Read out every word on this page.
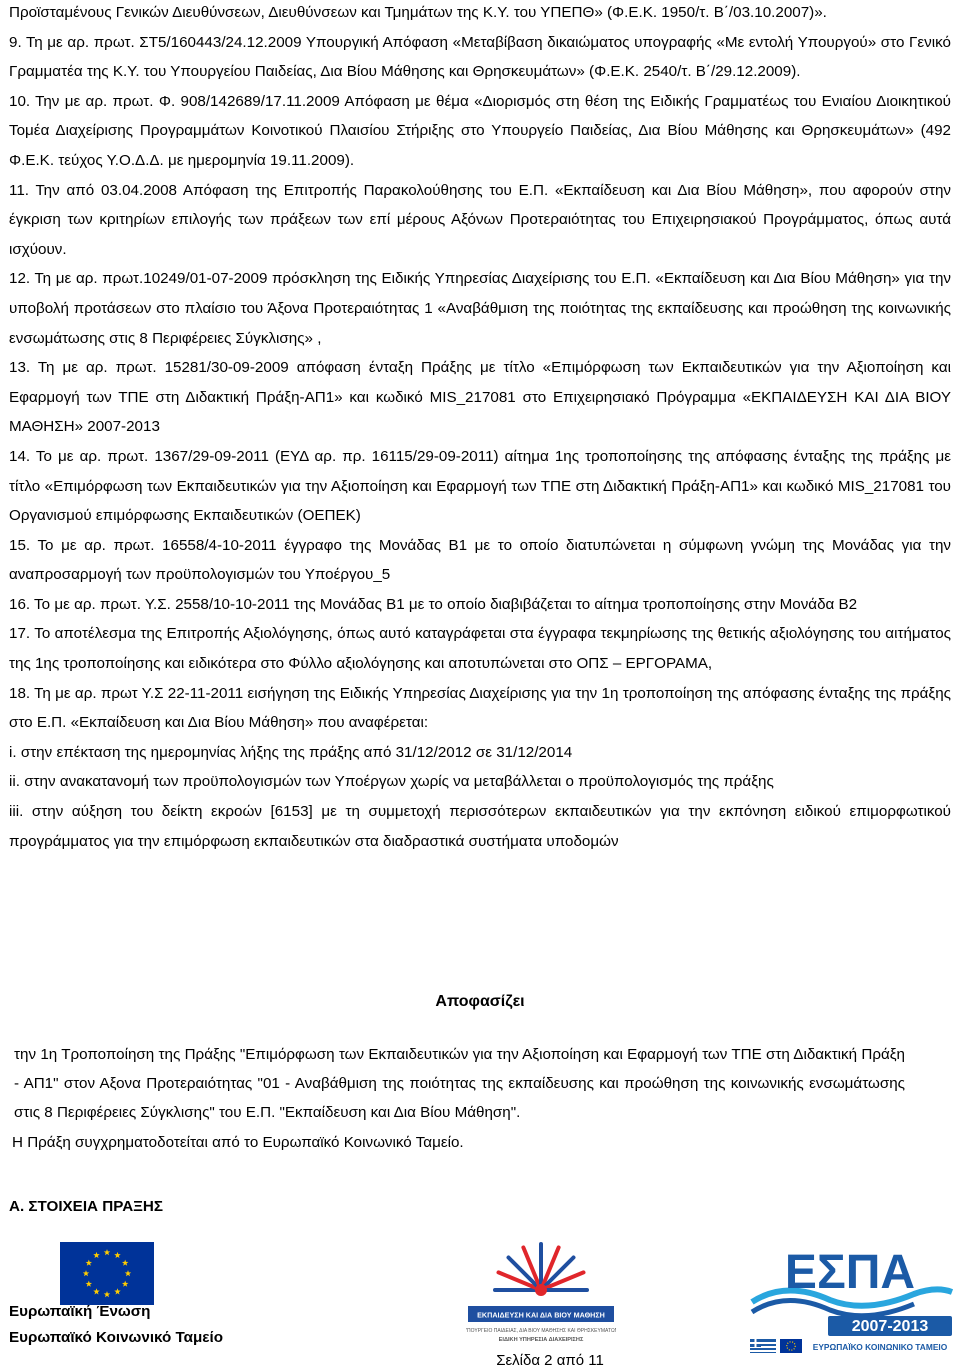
Προϊσταμένους Γενικών Διευθύνσεων, Διευθύνσεων και Τμημάτων της Κ.Υ. του ΥΠΕΠΘ» (Φ.Ε.Κ. 1950/τ. Β΄/03.10.2007)».

9. Τη με αρ. πρωτ. ΣΤ5/160443/24.12.2009 Υπουργική Απόφαση «Μεταβίβαση δικαιώματος υπογραφής «Με εντολή Υπουργού» στο Γενικό Γραμματέα της Κ.Υ. του Υπουργείου Παιδείας, Δια Βίου Μάθησης και Θρησκευμάτων» (Φ.Ε.Κ. 2540/τ. Β΄/29.12.2009).

10. Την με αρ. πρωτ. Φ. 908/142689/17.11.2009 Απόφαση με θέμα «Διορισμός στη θέση της Ειδικής Γραμματέως του Ενιαίου Διοικητικού Τομέα Διαχείρισης Προγραμμάτων Κοινοτικού Πλαισίου Στήριξης στο Υπουργείο Παιδείας, Δια Βίου Μάθησης και Θρησκευμάτων» (492 Φ.Ε.Κ. τεύχος Υ.Ο.Δ.Δ. με ημερομηνία 19.11.2009).

11. Την από 03.04.2008 Απόφαση της Επιτροπής Παρακολούθησης του Ε.Π. «Εκπαίδευση και Δια Βίου Μάθηση», που αφορούν στην έγκριση των κριτηρίων επιλογής των πράξεων των επί μέρους Αξόνων Προτεραιότητας του Επιχειρησιακού Προγράμματος, όπως αυτά ισχύουν.

12. Τη με αρ. πρωτ.10249/01-07-2009 πρόσκληση της Ειδικής Υπηρεσίας Διαχείρισης του Ε.Π. «Εκπαίδευση και Δια Βίου Μάθηση» για την υποβολή προτάσεων στο πλαίσιο του Άξονα Προτεραιότητας 1 «Αναβάθμιση της ποιότητας της εκπαίδευσης και προώθηση της κοινωνικής ενσωμάτωσης στις 8 Περιφέρειες Σύγκλισης» ,

13. Τη με αρ. πρωτ. 15281/30-09-2009 απόφαση ένταξη Πράξης με τίτλο «Επιμόρφωση των Εκπαιδευτικών για την Αξιοποίηση και Εφαρμογή των ΤΠΕ στη Διδακτική Πράξη-ΑΠ1» και κωδικό MIS_217081 στο Επιχειρησιακό Πρόγραμμα «ΕΚΠΑΙΔΕΥΣΗ ΚΑΙ ΔΙΑ ΒΙΟΥ ΜΑΘΗΣΗ» 2007-2013

14. Το με αρ. πρωτ. 1367/29-09-2011 (ΕΥΔ αρ. πρ. 16115/29-09-2011) αίτημα 1ης τροποποίησης της απόφασης ένταξης της πράξης με τίτλο «Επιμόρφωση των Εκπαιδευτικών για την Αξιοποίηση και Εφαρμογή των ΤΠΕ στη Διδακτική Πράξη-ΑΠ1» και κωδικό MIS_217081 του Οργανισμού επιμόρφωσης Εκπαιδευτικών (ΟΕΠΕΚ)

15. Το με αρ. πρωτ. 16558/4-10-2011 έγγραφο της Μονάδας Β1 με το οποίο διατυπώνεται η σύμφωνη γνώμη της Μονάδας για την αναπροσαρμογή των προϋπολογισμών του Υποέργου_5

16. Το με αρ. πρωτ. Υ.Σ. 2558/10-10-2011 της Μονάδας Β1 με το οποίο διαβιβάζεται το αίτημα τροποποίησης στην Μονάδα Β2

17. Το αποτέλεσμα της Επιτροπής Αξιολόγησης, όπως αυτό καταγράφεται στα έγγραφα τεκμηρίωσης της θετικής αξιολόγησης του αιτήματος της 1ης τροποποίησης και ειδικότερα στο Φύλλο αξιολόγησης και αποτυπώνεται στο ΟΠΣ – ΕΡΓΟΡΑΜΑ,

18. Τη με αρ. πρωτ Υ.Σ 22-11-2011 εισήγηση της Ειδικής Υπηρεσίας Διαχείρισης για την 1η τροποποίηση της απόφασης ένταξης της πράξης στο Ε.Π. «Εκπαίδευση και Δια Βίου Μάθηση» που αναφέρεται:

i. στην επέκταση της ημερομηνίας λήξης της πράξης από 31/12/2012 σε 31/12/2014

ii. στην ανακατανομή των προϋπολογισμών των Υποέργων χωρίς να μεταβάλλεται ο προϋπολογισμός της πράξης

iii. στην αύξηση του δείκτη εκροών [6153] με τη συμμετοχή περισσότερων εκπαιδευτικών για την εκπόνηση ειδικού επιμορφωτικού προγράμματος για την επιμόρφωση εκπαιδευτικών στα διαδραστικά συστήματα υποδομών

Αποφασίζει

την 1η Τροποποίηση της Πράξης "Επιμόρφωση των Εκπαιδευτικών για την Αξιοποίηση και Εφαρμογή των ΤΠΕ στη Διδακτική Πράξη - ΑΠ1" στον Αξονα Προτεραιότητας "01 - Αναβάθμιση της ποιότητας της εκπαίδευσης και προώθηση της κοινωνικής ενσωμάτωσης στις 8 Περιφέρειες Σύγκλισης" του Ε.Π. "Εκπαίδευση και Δια Βίου Μάθηση".

Η Πράξη συγχρηματοδοτείται από το Ευρωπαϊκό Κοινωνικό Ταμείο.

Α. ΣΤΟΙΧΕΙΑ ΠΡΑΞΗΣ
Ευρωπαϊκή Ένωση
Ευρωπαϊκό Κοινωνικό Ταμείο
ΕΚΠΑΙΔΕΥΣΗ ΚΑΙ ΔΙΑ ΒΙΟΥ ΜΑΘΗΣΗ
ΥΠΟΥΡΓΕΙΟ ΠΑΙΔΕΙΑΣ, ΔΙΑ ΒΙΟΥ ΜΑΘΗΣΗΣ ΚΑΙ ΘΡΗΣΚΕΥΜΑΤΩΝ
ΕΙΔΙΚΗ ΥΠΗΡΕΣΙΑ ΔΙΑΧΕΙΡΙΣΗΣ
ΕΣΠΑ
2007-2013
ΕΥΡΩΠΑΪΚΟ ΚΟΙΝΩΝΙΚΟ ΤΑΜΕΙΟ
Σελίδα 2 από 11
